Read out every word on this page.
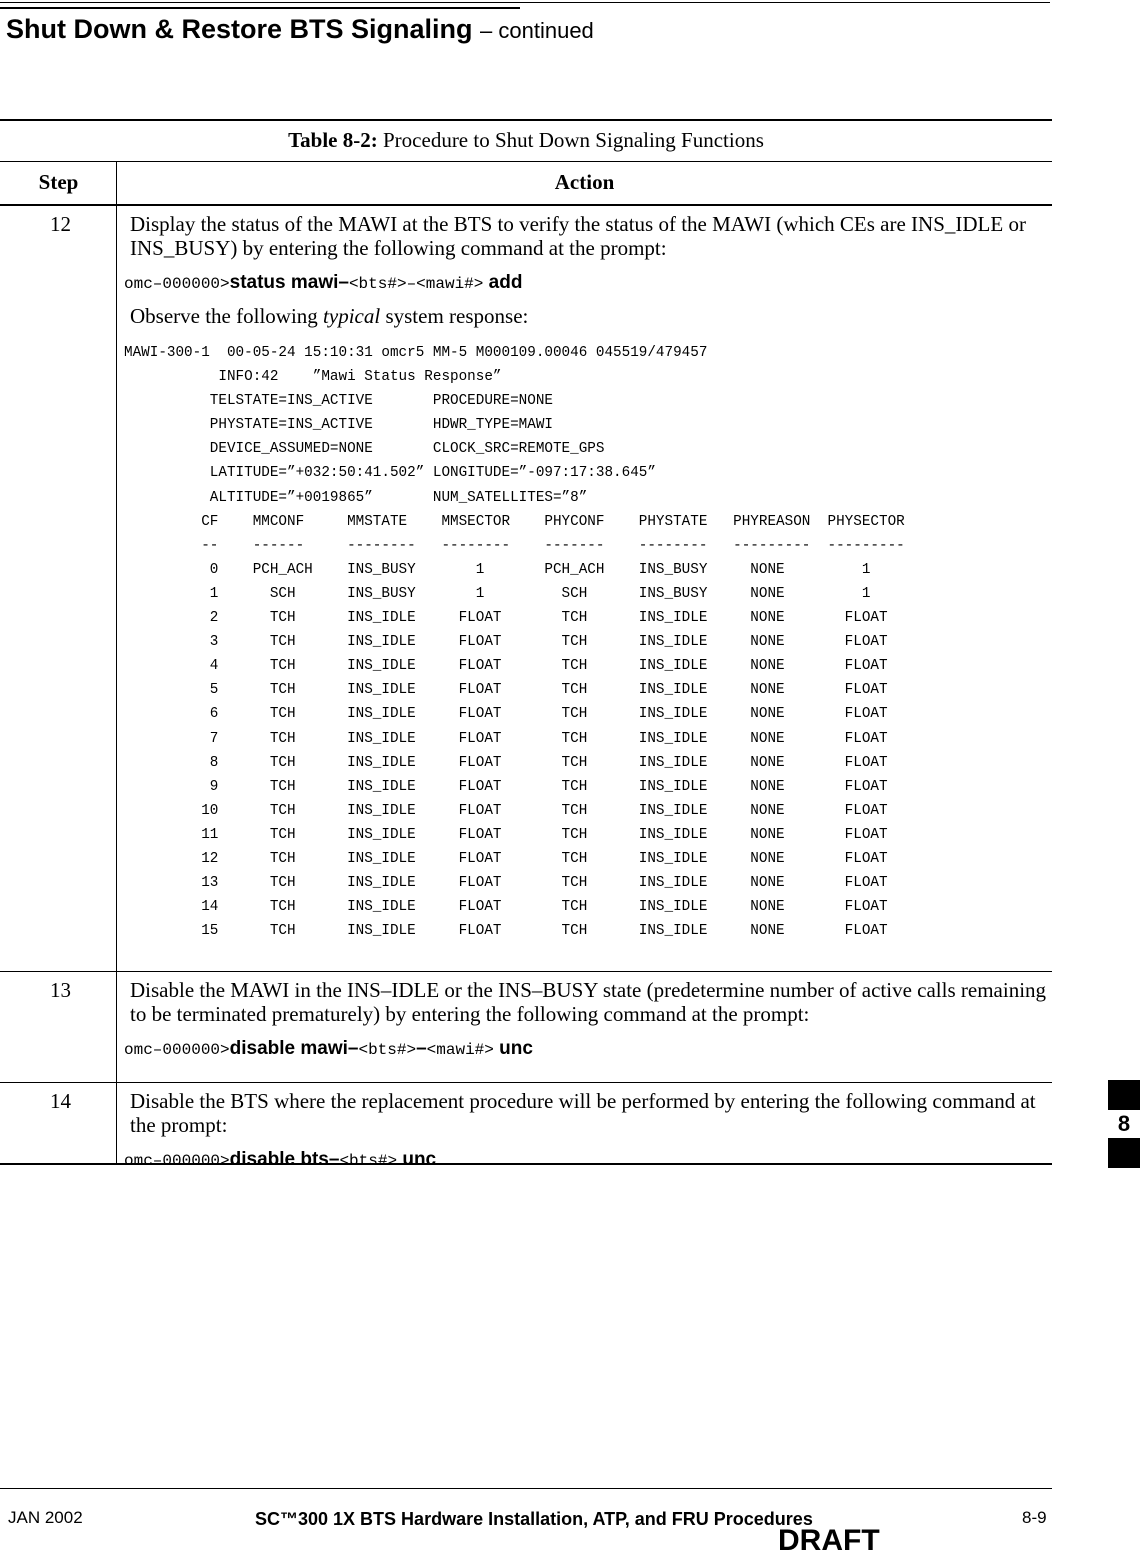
Shut Down & Restore BTS Signaling – continued
Table 8-2: Procedure to Shut Down Signaling Functions
Step	Action
12	Display the status of the MAWI at the BTS to verify the status of the MAWI (which CEs are INS_IDLE or INS_BUSY) by entering the following command at the prompt:
omc–000000>status mawi–<bts#>–<mawi#> add
Observe the following typical system response:
MAWI-300-1  00-05-24 15:10:31 omcr5 MM-5 M000109.00046 045519/479457
INFO:42    ”Mawi Status Response”
TELSTATE=INS_ACTIVE       PROCEDURE=NONE
PHYSTATE=INS_ACTIVE       HDWR_TYPE=MAWI
DEVICE_ASSUMED=NONE       CLOCK_SRC=REMOTE_GPS
LATITUDE=”+032:50:41.502” LONGITUDE=”-097:17:38.645”
ALTITUDE=”+0019865”       NUM_SATELLITES=”8”
CF    MMCONF     MMSTATE    MMSECTOR    PHYCONF    PHYSTATE   PHYREASON  PHYSECTOR
--    ------     --------   --------    -------    --------   ---------  ---------
0    PCH_ACH    INS_BUSY       1       PCH_ACH    INS_BUSY     NONE         1
1      SCH      INS_BUSY       1         SCH      INS_BUSY     NONE         1
2      TCH      INS_IDLE     FLOAT       TCH      INS_IDLE     NONE       FLOAT
3      TCH      INS_IDLE     FLOAT       TCH      INS_IDLE     NONE       FLOAT
4      TCH      INS_IDLE     FLOAT       TCH      INS_IDLE     NONE       FLOAT
5      TCH      INS_IDLE     FLOAT       TCH      INS_IDLE     NONE       FLOAT
6      TCH      INS_IDLE     FLOAT       TCH      INS_IDLE     NONE       FLOAT
7      TCH      INS_IDLE     FLOAT       TCH      INS_IDLE     NONE       FLOAT
8      TCH      INS_IDLE     FLOAT       TCH      INS_IDLE     NONE       FLOAT
9      TCH      INS_IDLE     FLOAT       TCH      INS_IDLE     NONE       FLOAT
10      TCH      INS_IDLE     FLOAT       TCH      INS_IDLE     NONE       FLOAT
11      TCH      INS_IDLE     FLOAT       TCH      INS_IDLE     NONE       FLOAT
12      TCH      INS_IDLE     FLOAT       TCH      INS_IDLE     NONE       FLOAT
13      TCH      INS_IDLE     FLOAT       TCH      INS_IDLE     NONE       FLOAT
14      TCH      INS_IDLE     FLOAT       TCH      INS_IDLE     NONE       FLOAT
15      TCH      INS_IDLE     FLOAT       TCH      INS_IDLE     NONE       FLOAT
13	Disable the MAWI in the INS–IDLE or the INS–BUSY state (predetermine number of active calls remaining to be terminated prematurely) by entering the following command at the prompt:
omc–000000>disable mawi–<bts#>–<mawi#> unc
14	Disable the BTS where the replacement procedure will be performed by entering the following command at the prompt:
omc–000000>disable bts–<bts#> unc
8
JAN 2002	SC™300 1X BTS Hardware Installation, ATP, and FRU Procedures
DRAFT
8-9
